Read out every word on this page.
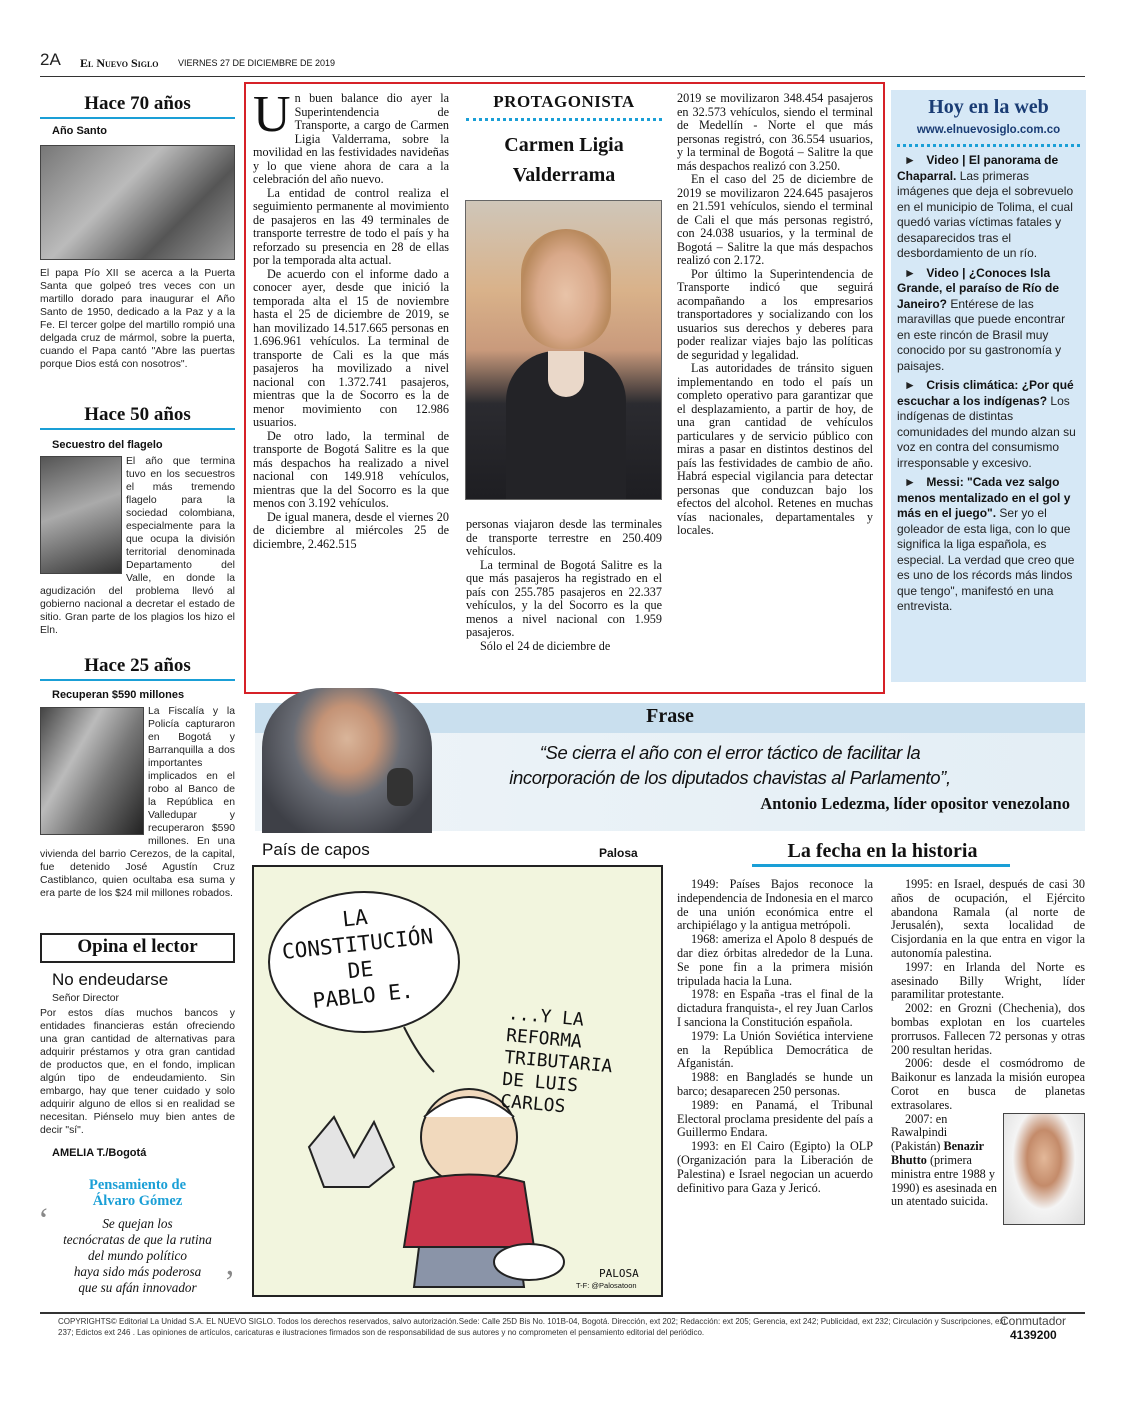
2A El Nuevo Siglo VIERNES 27 DE DICIEMBRE DE 2019
Hace 70 años
Año Santo
El papa Pío XII se acerca a la Puerta Santa que golpeó tres veces con un martillo dorado para inaugurar el Año Santo de 1950, dedicado a la Paz y a la Fe. El tercer golpe del martillo rompió una delgada cruz de mármol, sobre la puerta, cuando el Papa cantó "Abre las puertas porque Dios está con nosotros".
Hace 50 años
Secuestro del flagelo
El año que termina tuvo en los secuestros el más tremendo flagelo para la sociedad colombiana, especialmente para la que ocupa la división territorial denominada Departamento del Valle, en donde la agudización del problema llevó al gobierno nacional a decretar el estado de sitio. Gran parte de los plagios los hizo el Eln.
Hace 25 años
Recuperan $590 millones
La Fiscalía y la Policía capturaron en Bogotá y Barranquilla a dos importantes implicados en el robo al Banco de la República en Valledupar y recuperaron $590 millones. En una vivienda del barrio Cerezos, de la capital, fue detenido José Agustín Cruz Castiblanco, quien ocultaba esa suma y era parte de los $24 mil millones robados.
Opina el lector
No endeudarse
Señor Director
Por estos días muchos bancos y entidades financieras están ofreciendo una gran cantidad de alternativas para adquirir préstamos y otra gran cantidad de productos que, en el fondo, implican algún tipo de endeudamiento. Sin embargo, hay que tener cuidado y solo adquirir alguno de ellos si en realidad se necesitan. Piénselo muy bien antes de decir "sí".
AMELIA T./Bogotá
Pensamiento de
Álvaro Gómez
‘	Se quejan los
tecnócratas de que la rutina
del mundo político
haya sido más poderosa
que su afán innovador ’

Un buen balance dio ayer la Superintendencia de Transporte, a cargo de Carmen Ligia Valderrama, sobre la movilidad en las festividades navideñas y lo que viene ahora de cara a la celebración del año nuevo.

La entidad de control realiza el seguimiento permanente al movimiento de pasajeros en las 49 terminales de transporte terrestre de todo el país y ha reforzado su presencia en 28 de ellas por la temporada alta actual.

De acuerdo con el informe dado a conocer ayer, desde que inició la temporada alta el 15 de noviembre hasta el 25 de diciembre de 2019, se han movilizado 14.517.665 personas en 1.696.961 vehículos. La terminal de transporte de Cali es la que más pasajeros ha movilizado a nivel nacional con 1.372.741 pasajeros, mientras que la de Socorro es la de menor movimiento con 12.986 usuarios.

De otro lado, la terminal de transporte de Bogotá Salitre es la que más despachos ha realizado a nivel nacional con 149.918 vehículos, mientras que la del Socorro es la que menos con 3.192 vehículos.

De igual manera, desde el viernes 20 de diciembre al miércoles 25 de diciembre, 2.462.515

PROTAGONISTA
Carmen Ligia Valderrama

personas viajaron desde las terminales de transporte terrestre en 250.409 vehículos.

La terminal de Bogotá Salitre es la que más pasajeros ha registrado en el país con 255.785 pasajeros en 22.337 vehículos, y la del Socorro es la que menos a nivel nacional con 1.959 pasajeros.

Sólo el 24 de diciembre de

2019 se movilizaron 348.454 pasajeros en 32.573 vehículos, siendo el terminal de Medellín - Norte el que más personas registró, con 36.554 usuarios, y la terminal de Bogotá – Salitre la que más despachos realizó con 3.250.

En el caso del 25 de diciembre de 2019 se movilizaron 224.645 pasajeros en 21.591 vehículos, siendo el terminal de Cali el que más personas registró, con 24.038 usuarios, y la terminal de Bogotá – Salitre la que más despachos realizó con 2.172.

Por último la Superintendencia de Transporte indicó que seguirá acompañando a los empresarios transportadores y socializando con los usuarios sus derechos y deberes para poder realizar viajes bajo las políticas de seguridad y legalidad.

Las autoridades de tránsito siguen implementando en todo el país un completo operativo para garantizar que el desplazamiento, a partir de hoy, de una gran cantidad de vehículos particulares y de servicio público con miras a pasar en distintos destinos del país las festividades de cambio de año. Habrá especial vigilancia para detectar personas que conduzcan bajo los efectos del alcohol. Retenes en muchas vías nacionales, departamentales y locales.

Hoy en la web
www.elnuevosiglo.com.co
► Video | El panorama de Chaparral. Las primeras imágenes que deja el sobrevuelo en el municipio de Tolima, el cual quedó varias víctimas fatales y desaparecidos tras el desbordamiento de un río.
► Video | ¿Conoces Isla Grande, el paraíso de Río de Janeiro? Entérese de las maravillas que puede encontrar en este rincón de Brasil muy conocido por su gastronomía y paisajes.
► Crisis climática: ¿Por qué escuchar a los indígenas? Los indígenas de distintas comunidades del mundo alzan su voz en contra del consumismo irresponsable y excesivo.
► Messi: "Cada vez salgo menos mentalizado en el gol y más en el juego". Ser yo el goleador de esta liga, con lo que significa la liga española, es especial. La verdad que creo que es uno de los récords más lindos que tengo", manifestó en una entrevista.
Frase
“Se cierra el año con el error táctico de facilitar la
incorporación de los diputados chavistas al Parlamento”,
Antonio Ledezma, líder opositor venezolano
País de capos	Palosa
LA
CONSTITUCIÓN
DE
PABLO E.
...Y LA
REFORMA
TRIBUTARIA
DE LUIS
CARLOS
PALOSA
T-F: @Palosatoon
La fecha en la historia

1949: Países Bajos reconoce la independencia de Indonesia en el marco de una unión económica entre el archipiélago y la antigua metrópoli.

1968: ameriza el Apolo 8 después de dar diez órbitas alrededor de la Luna. Se pone fin a la primera misión tripulada hacia la Luna.

1978: en España -tras el final de la dictadura franquista-, el rey Juan Carlos I sanciona la Constitución española.

1979: La Unión Soviética interviene en la República Democrática de Afganistán.

1988: en Bangladés se hunde un barco; desaparecen 250 personas.

1989: en Panamá, el Tribunal Electoral proclama presidente del país a Guillermo Endara.

1993: en El Cairo (Egipto) la OLP (Organización para la Liberación de Palestina) e Israel negocian un acuerdo definitivo para Gaza y Jericó.

1995: en Israel, después de casi 30 años de ocupación, el Ejército abandona Ramala (al norte de Jerusalén), sexta localidad de Cisjordania en la que entra en vigor la autonomía palestina.

1997: en Irlanda del Norte es asesinado Billy Wright, líder paramilitar protestante.

2002: en Grozni (Chechenia), dos bombas explotan en los cuarteles prorrusos. Fallecen 72 personas y otras 200 resultan heridas.

2006: desde el cosmódromo de Baikonur es lanzada la misión europea Corot en busca de planetas extrasolares.

2007: en Rawalpindi (Pakistán) Benazir Bhutto (primera ministra entre 1988 y 1990) es asesinada en un atentado suicida.

COPYRIGHTS© Editorial La Unidad S.A. EL NUEVO SIGLO. Todos los derechos reservados, salvo autorización.Sede: Calle 25D Bis No. 101B-04, Bogotá. Dirección, ext 202; Redacción: ext 205; Gerencia, ext 242; Publicidad, ext 232; Circulación y Suscripciones, ext 237; Edictos ext 246 . Las opiniones de artículos, caricaturas e ilustraciones firmados son de responsabilidad de sus autores y no comprometen el pensamiento editorial del periódico.
Conmutador
4139200
